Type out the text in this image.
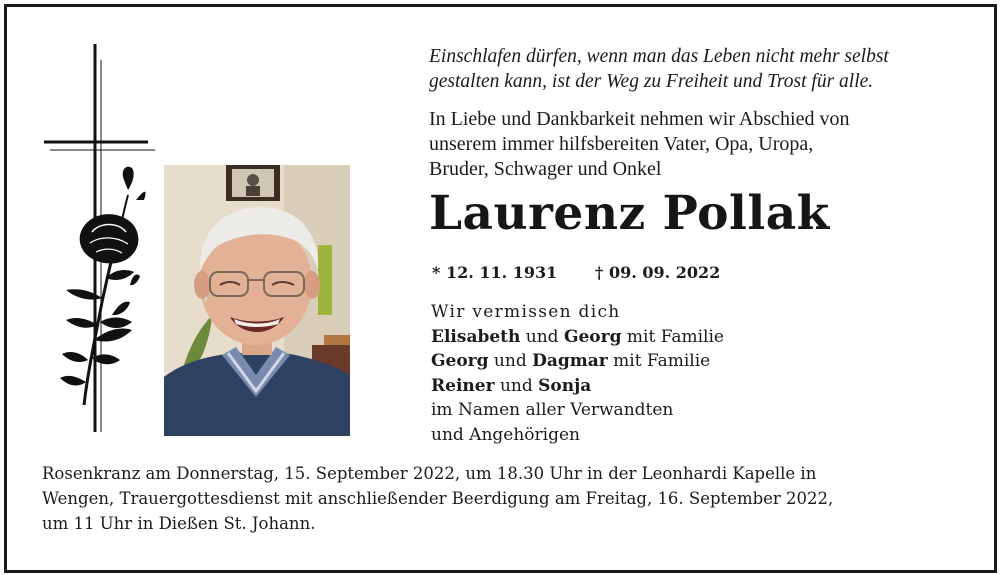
Einschlafen dürfen, wenn man das Leben nicht mehr selbst
gestalten kann, ist der Weg zu Freiheit und Trost für alle.
In Liebe und Dankbarkeit nehmen wir Abschied von
unserem immer hilfsbereiten Vater, Opa, Uropa,
Bruder, Schwager und Onkel
Laurenz Pollak
* 12. 11. 1931 † 09. 09. 2022
Wir vermissen dich
Elisabeth und Georg mit Familie
Georg und Dagmar mit Familie
Reiner und Sonja
im Namen aller Verwandten
und Angehörigen
Rosenkranz am Donnerstag, 15. September 2022, um 18.30 Uhr in der Leonhardi Kapelle in
Wengen, Trauergottesdienst mit anschließender Beerdigung am Freitag, 16. September 2022,
um 11 Uhr in Dießen St. Johann.
